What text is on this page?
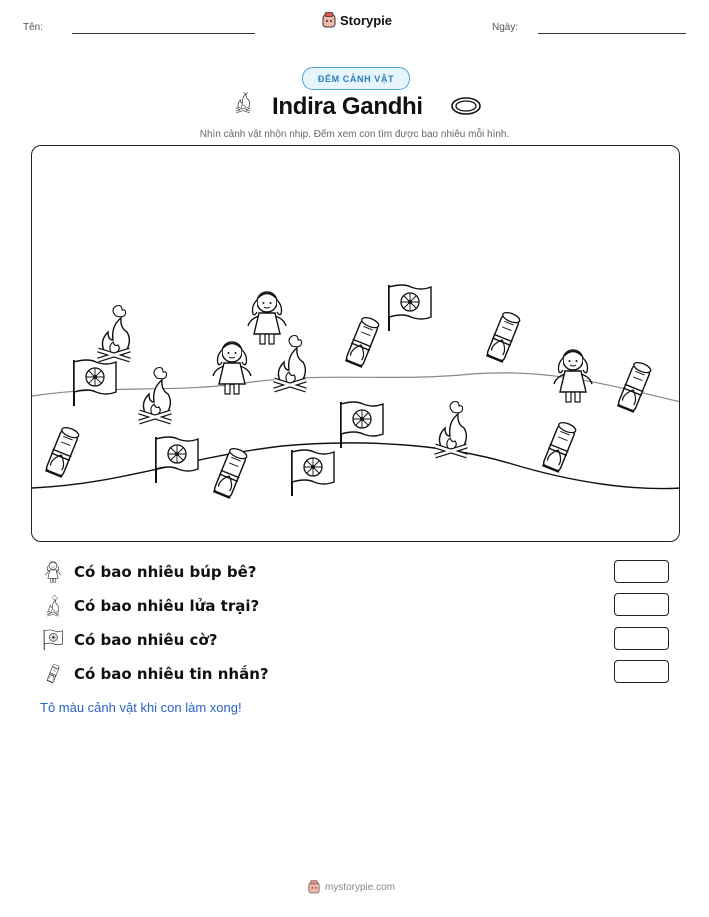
Tên:	Storypie	Ngày:
ĐẾM CẢNH VẬT
Indira Gandhi
Nhìn cảnh vật nhộn nhịp. Đếm xem con tìm được bao nhiêu mỗi hình.
Có bao nhiêu búp bê?
Có bao nhiêu lửa trại?
Có bao nhiêu cờ?
Có bao nhiêu tin nhắn?
Tô màu cảnh vật khi con làm xong!
mystorypie.com
